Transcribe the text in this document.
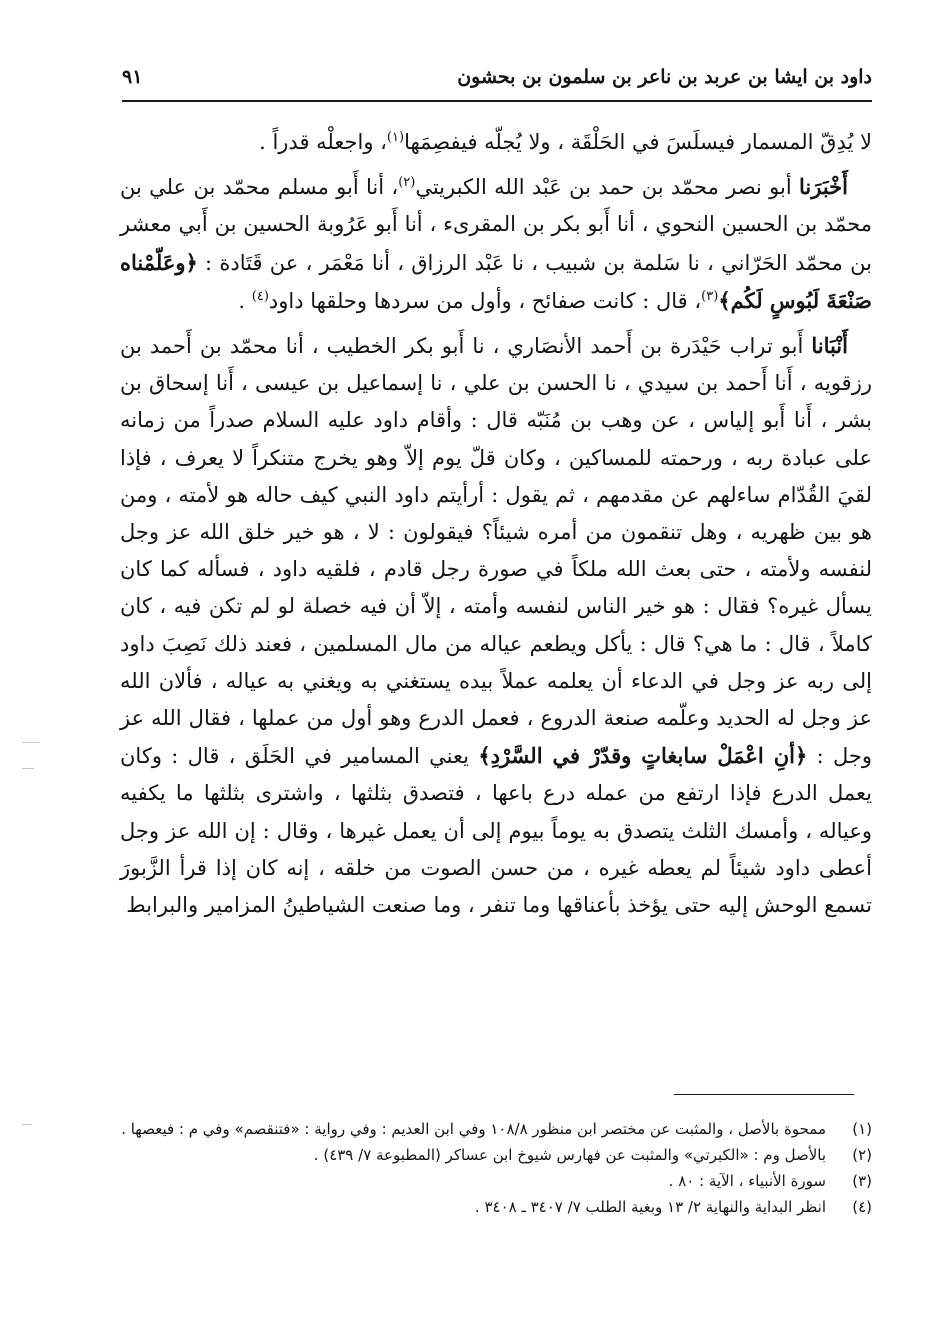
داود بن ايشا بن عربد بن ناعر بن سلمون بن بحشون
٩١

لا يُدِقّ المسمار فيسلَسَ في الحَلْقَة ، ولا يُجلّه فيفصِمَها$^{(١)}$، واجعلْه قدراً .

أَخْبَرَنا أبو نصر محمّد بن حمد بن عَبْد الله الكبريتي$^{(٢)}$، أنا أَبو مسلم محمّد بن علي بن محمّد بن الحسين النحوي ، أنا أَبو بكر بن المقرىء ، أنا أَبو عَرُوبة الحسين بن أَبي معشر بن محمّد الحَرّاني ، نا سَلمة بن شبيب ، نا عَبْد الرزاق ، أنا مَعْمَر ، عن قَتَادة : ﴿وعَلّمْناه صَنْعَةَ لَبُوسٍ لَكُم﴾$^{(٣)}$، قال : كانت صفائح ، وأول من سردها وحلقها داود$^{(٤)}$ .

أَنْبَانا أَبو تراب حَيْدَرة بن أَحمد الأنصَاري ، نا أَبو بكر الخطيب ، أنا محمّد بن أَحمد بن رزقويه ، أَنا أَحمد بن سيدي ، نا الحسن بن علي ، نا إسماعيل بن عيسى ، أَنا إسحاق بن بشر ، أَنا أَبو إلياس ، عن وهب بن مُنَبّه قال : وأقام داود عليه السلام صدراً من زمانه على عبادة ربه ، ورحمته للمساكين ، وكان قلّ يوم إلاّ وهو يخرج متنكراً لا يعرف ، فإذا لقيَ القُدّام ساءلهم عن مقدمهم ، ثم يقول : أرأيتم داود النبي كيف حاله هو لأمته ، ومن هو بين ظهريه ، وهل تنقمون من أمره شيئاً؟ فيقولون : لا ، هو خير خلق الله عز وجل لنفسه ولأمته ، حتى بعث الله ملكاً في صورة رجل قادم ، فلقيه داود ، فسأله كما كان يسأل غيره؟ فقال : هو خير الناس لنفسه وأمته ، إلاّ أن فيه خصلة لو لم تكن فيه ، كان كاملاً ، قال : ما هي؟ قال : يأكل ويطعم عياله من مال المسلمين ، فعند ذلك نَصِبَ داود إلى ربه عز وجل في الدعاء أن يعلمه عملاً بيده يستغني به ويغني به عياله ، فألان الله عز وجل له الحديد وعلّمه صنعة الدروع ، فعمل الدرع وهو أول من عملها ، فقال الله عز وجل : ﴿أنِ اعْمَلْ سابغاتٍ وقدّرْ في السَّرْدِ﴾ يعني المسامير في الحَلَق ، قال : وكان يعمل الدرع فإذا ارتفع من عمله درع باعها ، فتصدق بثلثها ، واشترى بثلثها ما يكفيه وعياله ، وأمسك الثلث يتصدق به يوماً بيوم إلى أن يعمل غيرها ، وقال : إن الله عز وجل أعطى داود شيئاً لم يعطه غيره ، من حسن الصوت من خلقه ، إنه كان إذا قرأ الزَّبورَ تسمع الوحش إليه حتى يؤخذ بأعناقها وما تنفر ، وما صنعت الشياطينُ المزامير والبرابط

(١)
ممحوة بالأصل ، والمثبت عن مختصر ابن منظور ١٠٨/٨ وفي ابن العديم : وفي رواية : «فتنقصم» وفي م : فيعصها .
(٢)
بالأصل وم : «الكبرتي» والمثبت عن فهارس شيوخ ابن عساكر (المطبوعة ٧/ ٤٣٩) .
(٣)
سورة الأنبياء ، الآية : ٨٠ .
(٤)
انظر البداية والنهاية ٢/ ١٣ وبغية الطلب ٧/ ٣٤٠٧ ـ ٣٤٠٨ .
